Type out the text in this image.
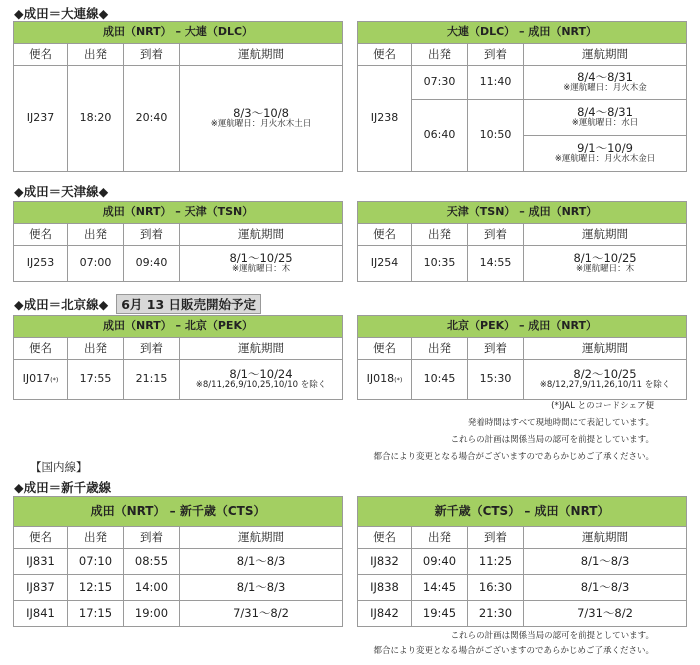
◆成田＝大連線◆
成田（NRT） – 大連（DLC）			
便名	出発	到着	運航期間
IJ237	18:20	20:40	8/3～10/8
※運航曜日：月火水木土日
大連（DLC） – 成田（NRT）			
便名	出発	到着	運航期間
IJ238	07:30	11:40	8/4～8/31
※運航曜日：月火木金

	06:40	10:50	8/4～8/31
※運航曜日：水日

			9/1～10/9
※運航曜日：月火水木金日
◆成田＝天津線◆
成田（NRT） – 天津（TSN）			
便名	出発	到着	運航期間
IJ253	07:00	09:40	8/1～10/25
※運航曜日：木
天津（TSN） – 成田（NRT）			
便名	出発	到着	運航期間
IJ254	10:35	14:55	8/1～10/25
※運航曜日：木
◆成田＝北京線◆ 6月 13 日販売開始予定
成田（NRT） – 北京（PEK）			
便名	出発	到着	運航期間
IJ017(*)	17:55	21:15	8/1～10/24
※8/11,26,9/10,25,10/10 を除く
北京（PEK） – 成田（NRT）			
便名	出発	到着	運航期間
IJ018(*)	10:45	15:30	8/2～10/25
※8/12,27,9/11,26,10/11 を除く
(*)JAL とのコードシェア便
発着時間はすべて現地時間にて表記しています。
これらの計画は関係当局の認可を前提としています。
都合により変更となる場合がございますのであらかじめご了承ください。
【国内線】
◆成田＝新千歳線
成田（NRT） – 新千歳（CTS）			
便名	出発	到着	運航期間
IJ831	07:10	08:55	8/1～8/3
IJ837	12:15	14:00	8/1～8/3
IJ841	17:15	19:00	7/31～8/2
新千歳（CTS） – 成田（NRT）			
便名	出発	到着	運航期間
IJ832	09:40	11:25	8/1～8/3
IJ838	14:45	16:30	8/1～8/3
IJ842	19:45	21:30	7/31～8/2
これらの計画は関係当局の認可を前提としています。
都合により変更となる場合がございますのであらかじめご了承ください。
